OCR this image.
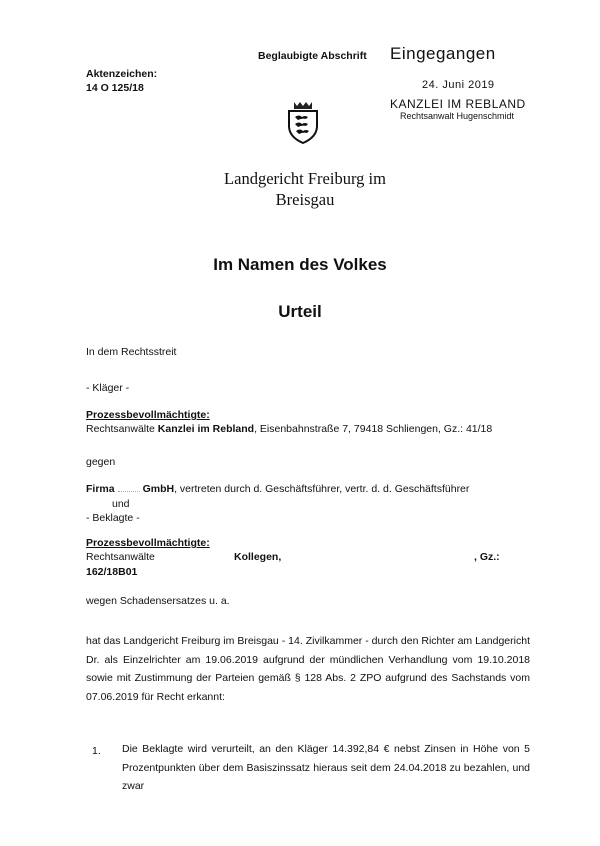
Beglaubigte Abschrift
Aktenzeichen:
14 O 125/18
Eingegangen
24. Juni 2019
KANZLEI IM REBLAND
Rechtsanwalt Hugenschmidt
Landgericht Freiburg im Breisgau
Im Namen des Volkes
Urteil
In dem Rechtsstreit
- Kläger -
Prozessbevollmächtigte:
Rechtsanwälte Kanzlei im Rebland, Eisenbahnstraße 7, 79418 Schliengen, Gz.: 41/18
gegen
Firma	GmbH, vertreten durch d. Geschäftsführer, vertr. d. d. Geschäftsführer
und
- Beklagte -
Prozessbevollmächtigte:
Rechtsanwälte	Kollegen,	, Gz.:
162/18B01
wegen Schadensersatzes u. a.
hat das Landgericht Freiburg im Breisgau - 14. Zivilkammer - durch den Richter am Landgericht Dr. als Einzelrichter am 19.06.2019 aufgrund der mündlichen Verhandlung vom 19.10.2018 sowie mit Zustimmung der Parteien gemäß § 128 Abs. 2 ZPO aufgrund des Sachstands vom 07.06.2019 für Recht erkannt:
1. Die Beklagte wird verurteilt, an den Kläger 14.392,84 € nebst Zinsen in Höhe von 5 Prozentpunkten über dem Basiszinssatz hieraus seit dem 24.04.2018 zu bezahlen, und zwar
